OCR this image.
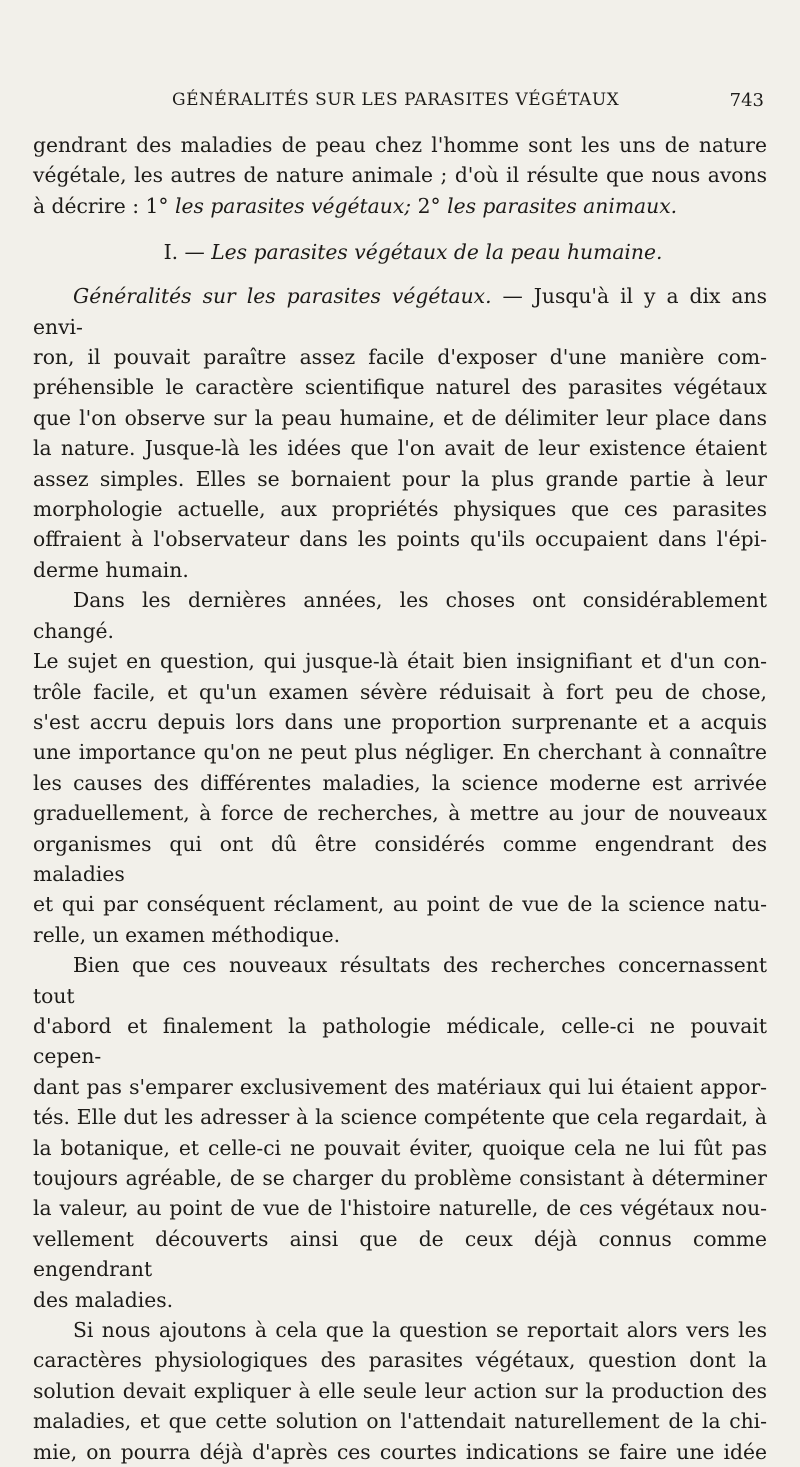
GÉNÉRALITÉS SUR LES PARASITES VÉGÉTAUX	743

gendrant des maladies de peau chez l'homme sont les uns de nature

végétale, les autres de nature animale ; d'où il résulte que nous avons

à décrire : 1° les parasites végétaux; 2° les parasites animaux.

I. — Les parasites végétaux de la peau humaine.

Généralités sur les parasites végétaux. — Jusqu'à il y a dix ans envi-

ron, il pouvait paraître assez facile d'exposer d'une manière com-

préhensible le caractère scientifique naturel des parasites végétaux

que l'on observe sur la peau humaine, et de délimiter leur place dans

la nature. Jusque-là les idées que l'on avait de leur existence étaient

assez simples. Elles se bornaient pour la plus grande partie à leur

morphologie actuelle, aux propriétés physiques que ces parasites

offraient à l'observateur dans les points qu'ils occupaient dans l'épi-

derme humain.

Dans les dernières années, les choses ont considérablement changé.

Le sujet en question, qui jusque-là était bien insignifiant et d'un con-

trôle facile, et qu'un examen sévère réduisait à fort peu de chose,

s'est accru depuis lors dans une proportion surprenante et a acquis

une importance qu'on ne peut plus négliger. En cherchant à connaître

les causes des différentes maladies, la science moderne est arrivée

graduellement, à force de recherches, à mettre au jour de nouveaux

organismes qui ont dû être considérés comme engendrant des maladies

et qui par conséquent réclament, au point de vue de la science natu-

relle, un examen méthodique.

Bien que ces nouveaux résultats des recherches concernassent tout

d'abord et finalement la pathologie médicale, celle-ci ne pouvait cepen-

dant pas s'emparer exclusivement des matériaux qui lui étaient appor-

tés. Elle dut les adresser à la science compétente que cela regardait, à

la botanique, et celle-ci ne pouvait éviter, quoique cela ne lui fût pas

toujours agréable, de se charger du problème consistant à déterminer

la valeur, au point de vue de l'histoire naturelle, de ces végétaux nou-

vellement découverts ainsi que de ceux déjà connus comme engendrant

des maladies.

Si nous ajoutons à cela que la question se reportait alors vers les

caractères physiologiques des parasites végétaux, question dont la

solution devait expliquer à elle seule leur action sur la production des

maladies, et que cette solution on l'attendait naturellement de la chi-

mie, on pourra déjà d'après ces courtes indications se faire une idée
